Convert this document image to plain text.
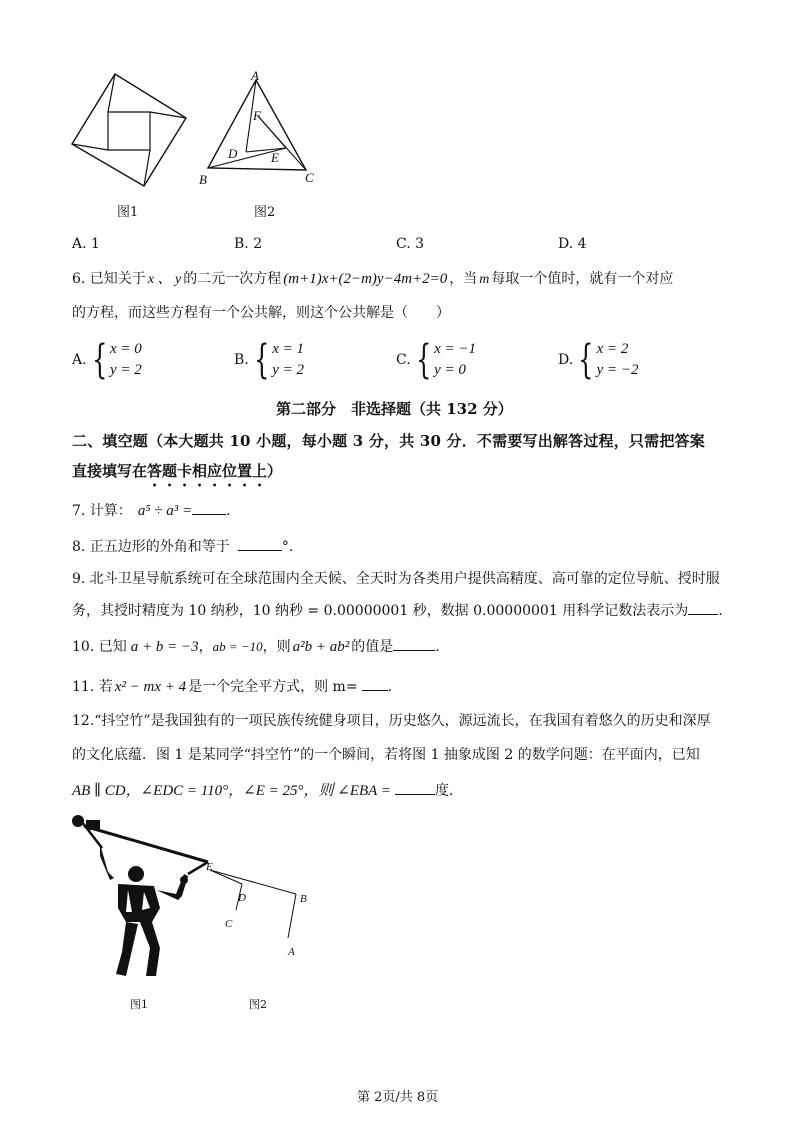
A
F
D	E
B	C
图1	图2
A. 1	B. 2	C. 3	D. 4
6. 已知关于 x 、 y 的二元一次方程 (m+1)x+(2−m)y−4m+2=0 ，当 m 每取一个值时，就有一个对应
的方程，而这些方程有一个公共解，则这个公共解是（　　）
A. { x = 0
y = 2
B. { x = 1
y = 2
C. { x = −1
y = 0
D. { x = 2
y = −2
第二部分　非选择题（共 132 分）
二、填空题（本大题共 10 小题，每小题 3 分，共 30 分．不需要写出解答过程，只需把答案
直接填写在答题卡相应位置上）
7. 计算： a⁵ ÷ a³ = .
8. 正五边形的外角和等于	°.
9. 北斗卫星导航系统可在全球范围内全天候、全天时为各类用户提供高精度、高可靠的定位导航、授时服
务，其授时精度为 10 纳秒，10 纳秒 = 0.00000001 秒，数据 0.00000001 用科学记数法表示为 .
10. 已知 a + b = −3，ab = −10，则 a²b + ab² 的值是	.
11. 若 x² − mx + 4 是一个完全平方式，则 m= .
12.“抖空竹”是我国独有的一项民族传统健身项目，历史悠久，源远流长，在我国有着悠久的历史和深厚
的文化底蕴．图 1 是某同学“抖空竹”的一个瞬间，若将图 1 抽象成图 2 的数学问题：在平面内，已知
AB ∥ CD，∠EDC = 110°，∠E = 25°，则 ∠EBA =	度.
E
D
C
B
A
图1	图2
第 2页/共 8页
